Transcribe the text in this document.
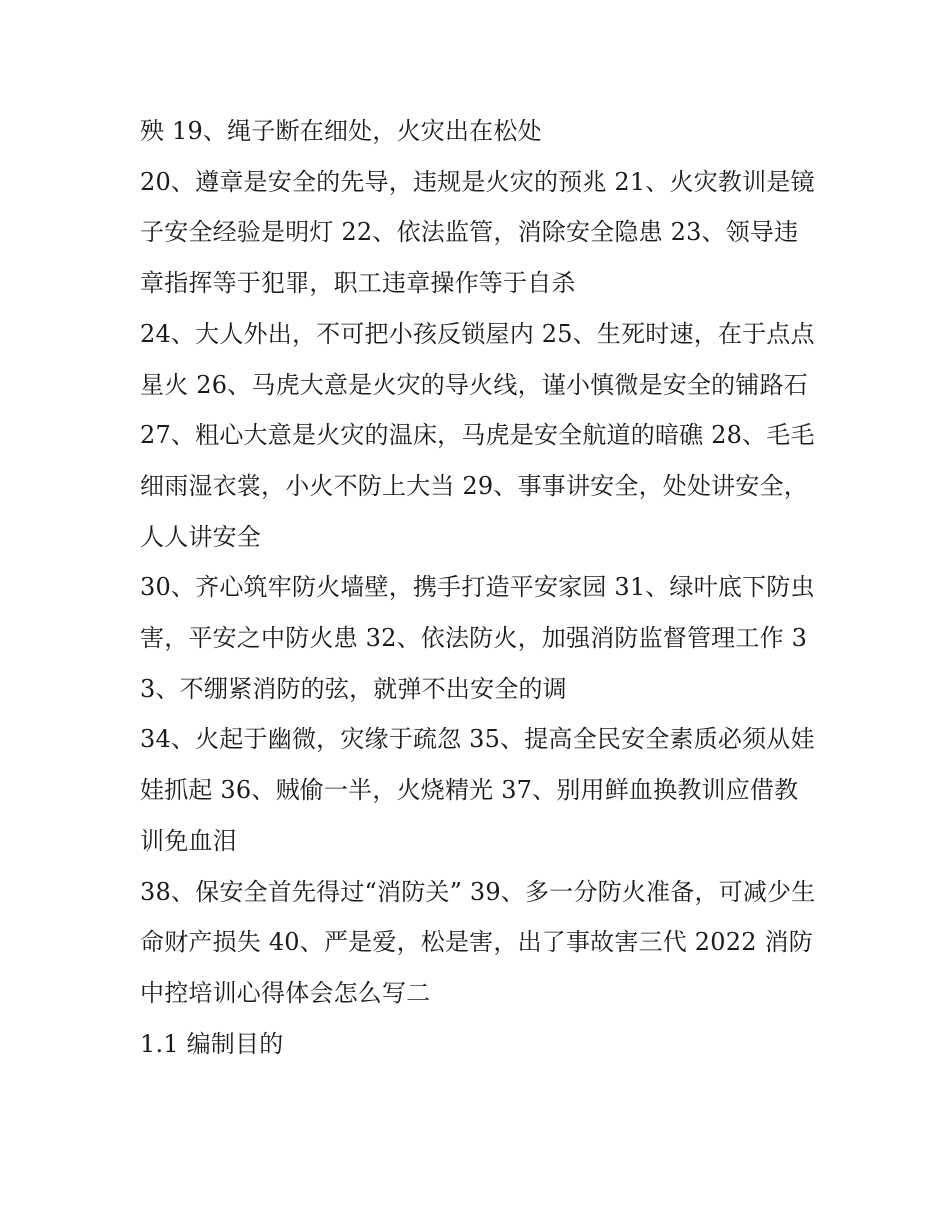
殃 19、绳子断在细处，火灾出在松处

20、遵章是安全的先导，违规是火灾的预兆 21、火灾教训是镜子安全经验是明灯 22、依法监管，消除安全隐患 23、领导违章指挥等于犯罪，职工违章操作等于自杀

24、大人外出，不可把小孩反锁屋内 25、生死时速，在于点点星火 26、马虎大意是火灾的导火线，谨小慎微是安全的铺路石

27、粗心大意是火灾的温床，马虎是安全航道的暗礁 28、毛毛细雨湿衣裳，小火不防上大当 29、事事讲安全，处处讲安全，人人讲安全

30、齐心筑牢防火墙壁，携手打造平安家园 31、绿叶底下防虫害，平安之中防火患 32、依法防火，加强消防监督管理工作 33、不绷紧消防的弦，就弹不出安全的调

34、火起于幽微，灾缘于疏忽 35、提高全民安全素质必须从娃娃抓起 36、贼偷一半，火烧精光 37、别用鲜血换教训应借教训免血泪

38、保安全首先得过“消防关” 39、多一分防火准备，可减少生命财产损失 40、严是爱，松是害，出了事故害三代 2022 消防中控培训心得体会怎么写二

1.1 编制目的
